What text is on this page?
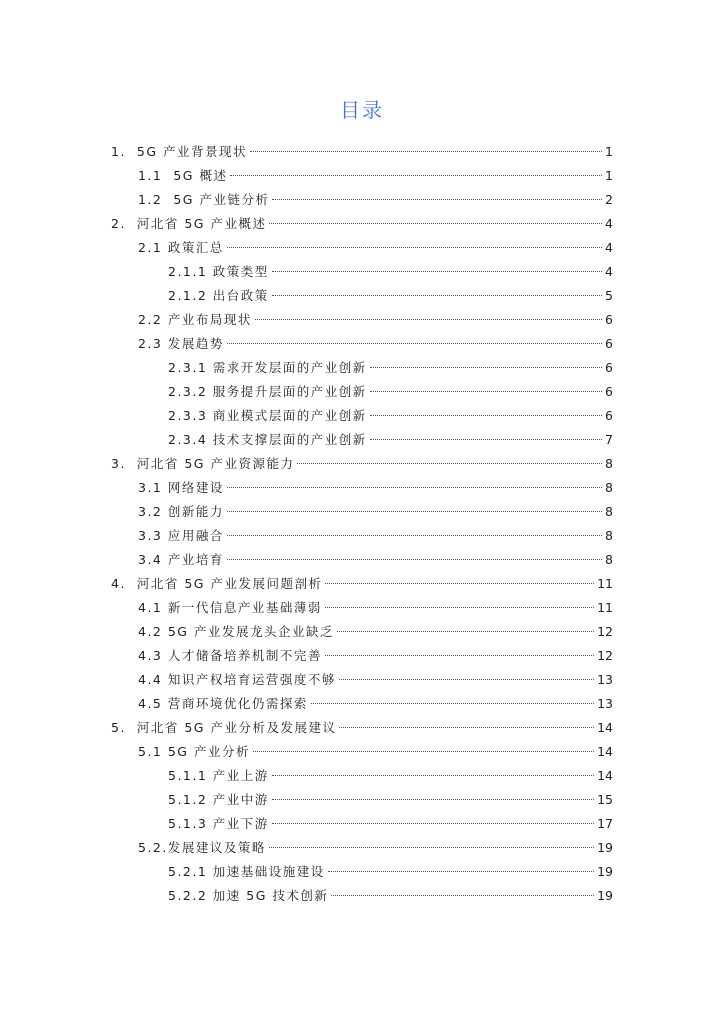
目录
1.  5G 产业背景现状	1
1.1  5G 概述	1
1.2  5G 产业链分析	2
2.  河北省 5G 产业概述	4
2.1 政策汇总	4
2.1.1 政策类型	4
2.1.2 出台政策	5
2.2 产业布局现状	6
2.3 发展趋势	6
2.3.1 需求开发层面的产业创新	6
2.3.2 服务提升层面的产业创新	6
2.3.3 商业模式层面的产业创新	6
2.3.4 技术支撑层面的产业创新	7
3.  河北省 5G 产业资源能力	8
3.1 网络建设	8
3.2 创新能力	8
3.3 应用融合	8
3.4 产业培育	8
4.  河北省 5G 产业发展问题剖析	11
4.1 新一代信息产业基础薄弱	11
4.2 5G 产业发展龙头企业缺乏	12
4.3 人才储备培养机制不完善	12
4.4 知识产权培育运营强度不够	13
4.5 营商环境优化仍需探索	13
5.  河北省 5G 产业分析及发展建议	14
5.1 5G 产业分析	14
5.1.1 产业上游	14
5.1.2 产业中游	15
5.1.3 产业下游	17
5.2.发展建议及策略	19
5.2.1 加速基础设施建设	19
5.2.2 加速 5G 技术创新	19
